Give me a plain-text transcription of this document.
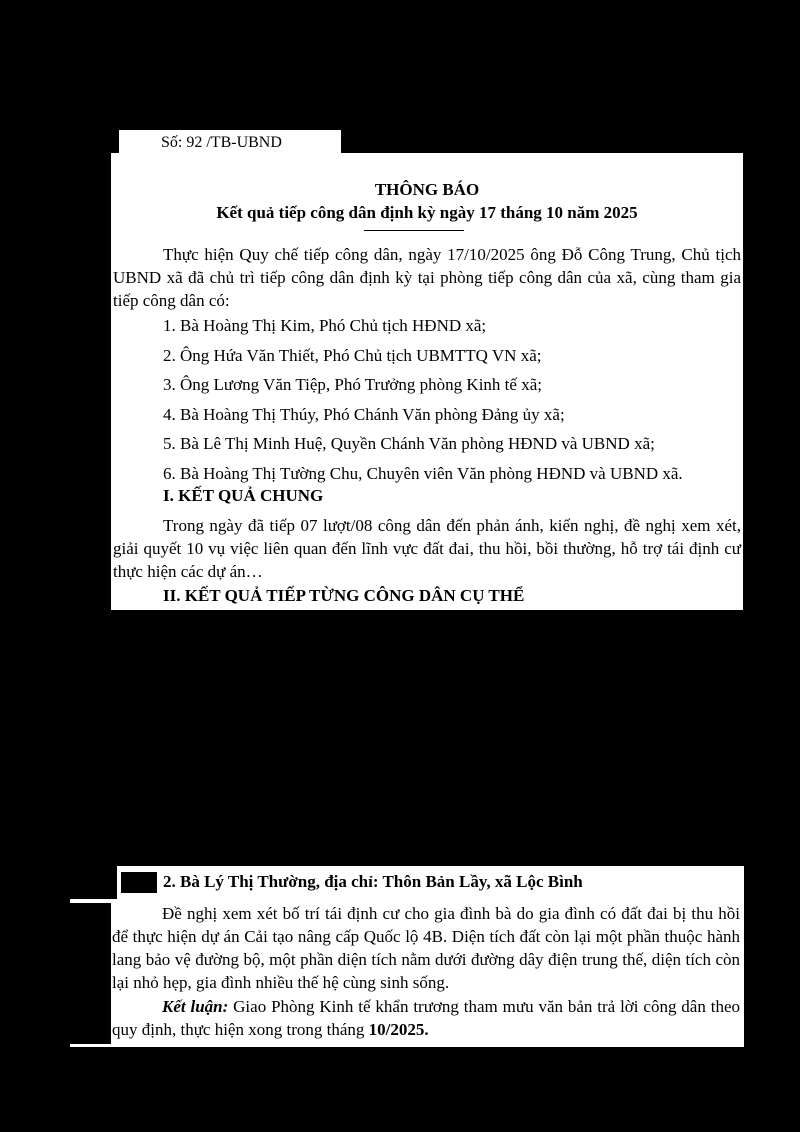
Số: 92 /TB-UBND
THÔNG BÁO
Kết quả tiếp công dân định kỳ ngày 17 tháng 10 năm 2025
Thực hiện Quy chế tiếp công dân, ngày 17/10/2025 ông Đỗ Công Trung, Chủ tịch UBND xã đã chủ trì tiếp công dân định kỳ tại phòng tiếp công dân của xã, cùng tham gia tiếp công dân có:
1. Bà Hoàng Thị Kim, Phó Chủ tịch HĐND xã;
2. Ông Hứa Văn Thiết, Phó Chủ tịch UBMTTQ VN xã;
3. Ông Lương Văn Tiệp, Phó Trưởng phòng Kinh tế xã;
4. Bà Hoàng Thị Thúy, Phó Chánh Văn phòng Đảng ủy xã;
5. Bà Lê Thị Minh Huệ, Quyền Chánh Văn phòng HĐND và UBND xã;
6. Bà Hoàng Thị Tường Chu, Chuyên viên Văn phòng HĐND và UBND xã.
I. KẾT QUẢ CHUNG
Trong ngày đã tiếp 07 lượt/08 công dân đến phản ánh, kiến nghị, đề nghị xem xét, giải quyết 10 vụ việc liên quan đến lĩnh vực đất đai, thu hồi, bồi thường, hỗ trợ tái định cư thực hiện các dự án…
II. KẾT QUẢ TIẾP TỪNG CÔNG DÂN CỤ THỂ
2. Bà Lý Thị Thường, địa chỉ: Thôn Bản Lầy, xã Lộc Bình
Đề nghị xem xét bố trí tái định cư cho gia đình bà do gia đình có đất đai bị thu hồi để thực hiện dự án Cải tạo nâng cấp Quốc lộ 4B. Diện tích đất còn lại một phần thuộc hành lang bảo vệ đường bộ, một phần diện tích nằm dưới đường dây điện trung thế, diện tích còn lại nhỏ hẹp, gia đình nhiều thế hệ cùng sinh sống.
Kết luận: Giao Phòng Kinh tế khẩn trương tham mưu văn bản trả lời công dân theo quy định, thực hiện xong trong tháng 10/2025.
